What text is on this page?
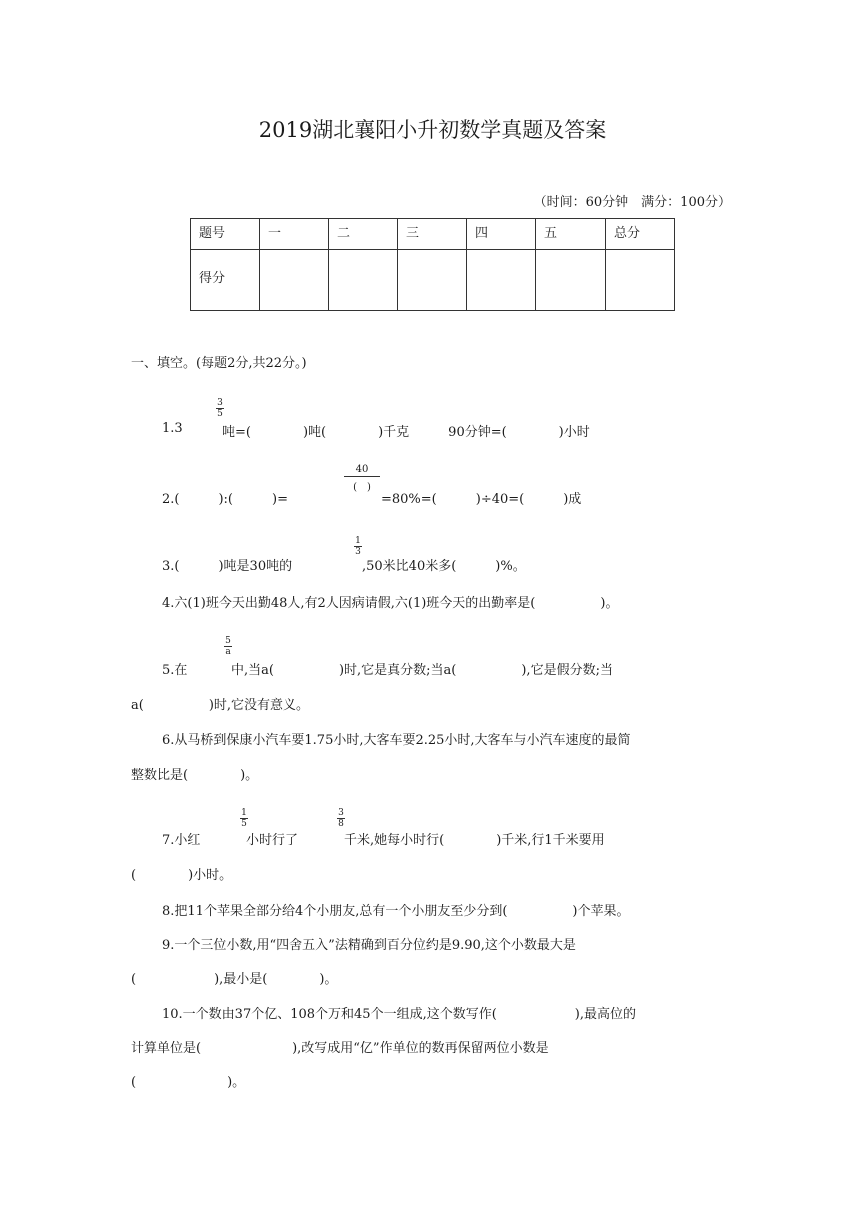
2019湖北襄阳小升初数学真题及答案
（时间：60分钟　满分：100分）
题号	一	二	三	四	五	总分
得分						
一、填空。(每题2分,共22分。)
1.3
3
5
吨=(　　　　)吨(　　　　)千克　　　90分钟=(　　　　)小时
2.(　　　):(　　　)=
40
(　)
=80%=(　　　)÷40=(　　　)成
3.(　　　)吨是30吨的
1
3
,50米比40米多(　　　)%。
4.六(1)班今天出勤48人,有2人因病请假,六(1)班今天的出勤率是(　　　　　)。
5.在
5
a
中,当a(　　　　　)时,它是真分数;当a(　　　　　),它是假分数;当
a(　　　　　)时,它没有意义。
6.从马桥到保康小汽车要1.75小时,大客车要2.25小时,大客车与小汽车速度的最简
整数比是(　　　　)。
7.小红
1
5
小时行了
3
8
千米,她每小时行(　　　　)千米,行1千米要用
(　　　　)小时。
8.把11个苹果全部分给4个小朋友,总有一个小朋友至少分到(　　　　　)个苹果。
9.一个三位小数,用“四舍五入”法精确到百分位约是9.90,这个小数最大是
(　　　　　　),最小是(　　　　)。
10.一个数由37个亿、108个万和45个一组成,这个数写作(　　　　　　),最高位的
计算单位是(　　　　　　　),改写成用“亿”作单位的数再保留两位小数是
(　　　　　　　)。
